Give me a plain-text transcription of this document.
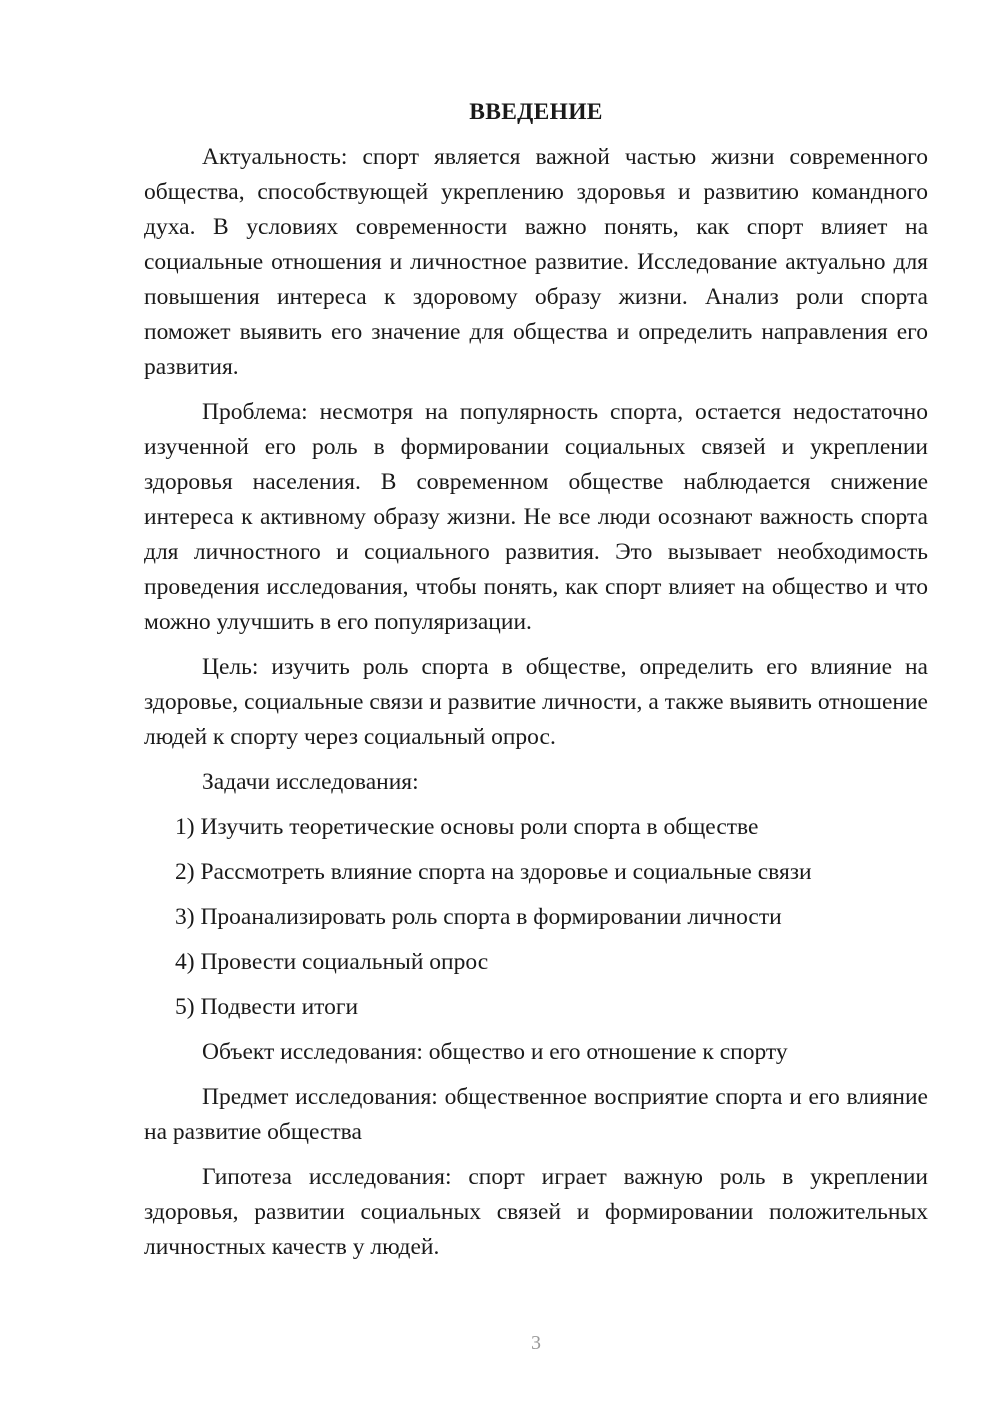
ВВЕДЕНИЕ

Актуальность: спорт является важной частью жизни современного общества, способствующей укреплению здоровья и развитию командного духа. В условиях современности важно понять, как спорт влияет на социальные отношения и личностное развитие. Исследование актуально для повышения интереса к здоровому образу жизни. Анализ роли спорта поможет выявить его значение для общества и определить направления его развития.

Проблема: несмотря на популярность спорта, остается недостаточно изученной его роль в формировании социальных связей и укреплении здоровья населения. В современном обществе наблюдается снижение интереса к активному образу жизни. Не все люди осознают важность спорта для личностного и социального развития. Это вызывает необходимость проведения исследования, чтобы понять, как спорт влияет на общество и что можно улучшить в его популяризации.

Цель: изучить роль спорта в обществе, определить его влияние на здоровье, социальные связи и развитие личности, а также выявить отношение людей к спорту через социальный опрос.

Задачи исследования:

1) Изучить теоретические основы роли спорта в обществе
2) Рассмотреть влияние спорта на здоровье и социальные связи
3) Проанализировать роль спорта в формировании личности
4) Провести социальный опрос
5) Подвести итоги

Объект исследования: общество и его отношение к спорту

Предмет исследования: общественное восприятие спорта и его влияние на развитие общества

Гипотеза исследования: спорт играет важную роль в укреплении здоровья, развитии социальных связей и формировании положительных личностных качеств у людей.

3
